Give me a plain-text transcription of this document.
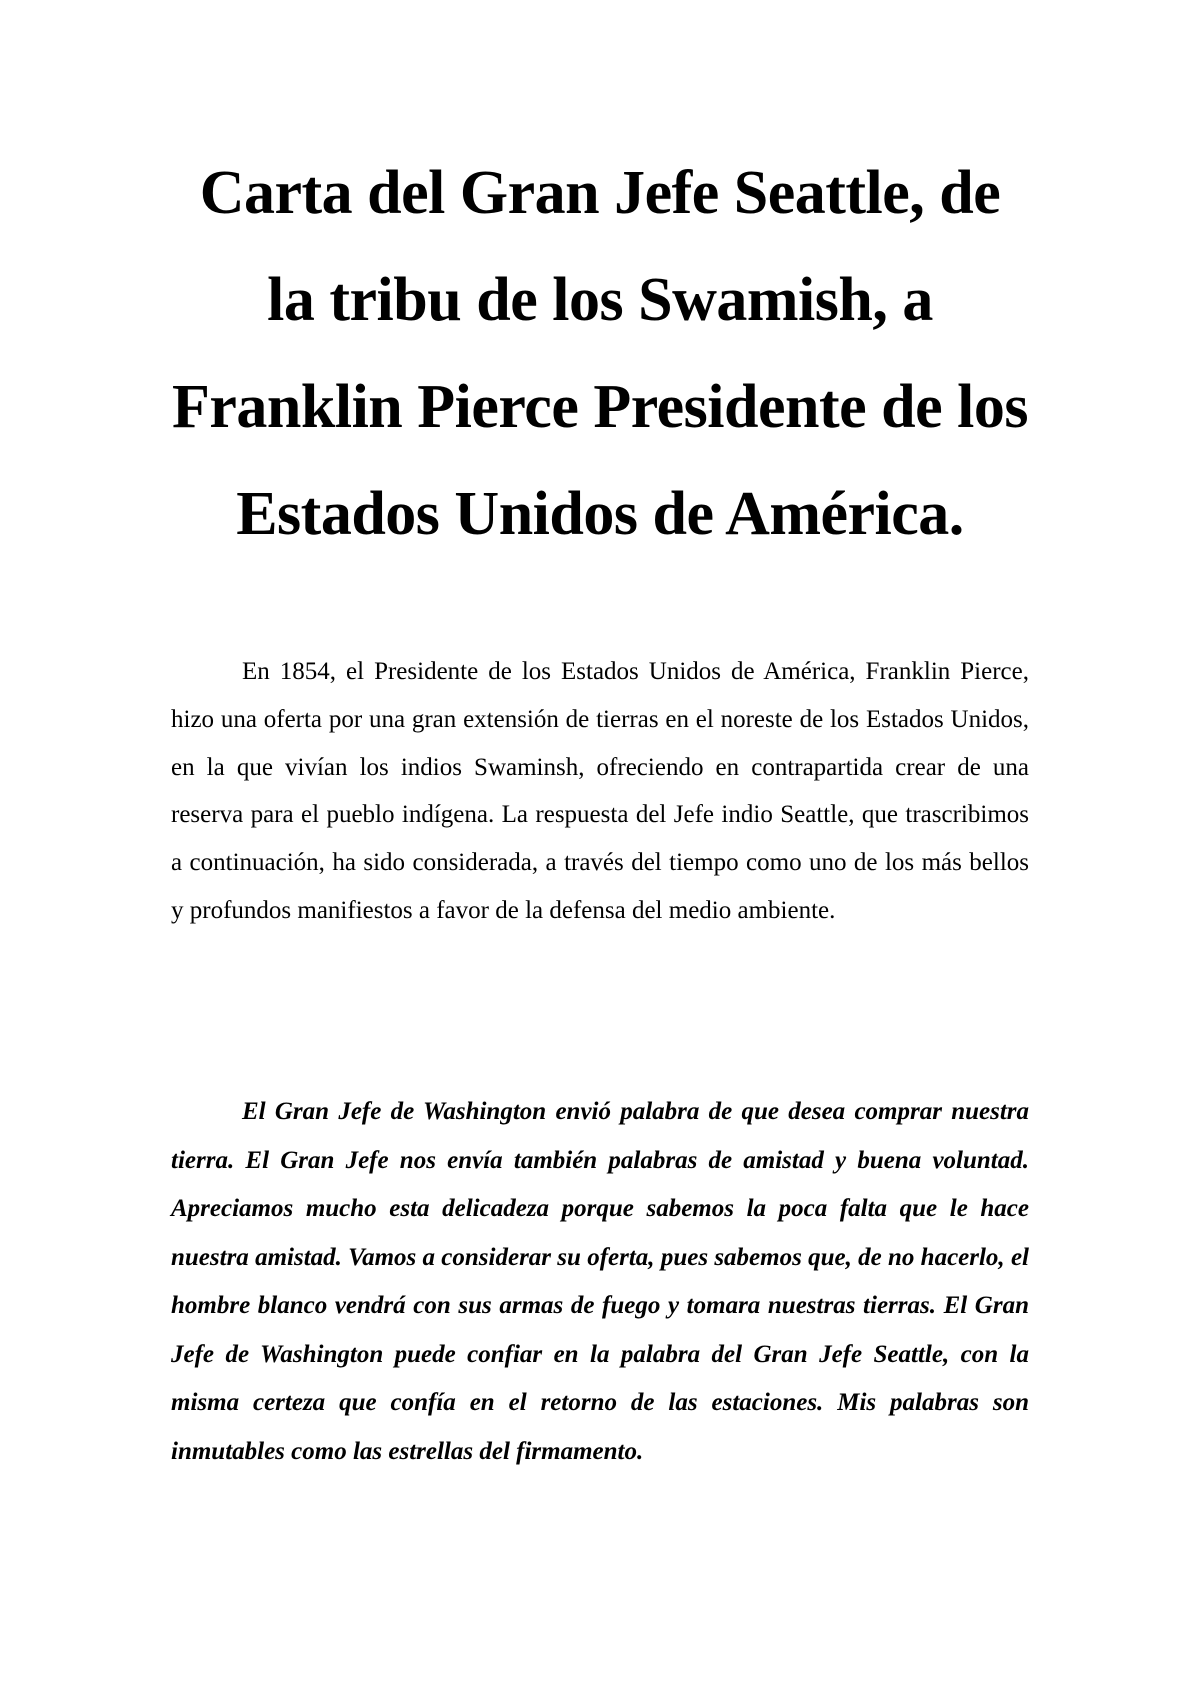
Carta del Gran Jefe Seattle, de
la tribu de los Swamish, a
Franklin Pierce Presidente de los
Estados Unidos de América.

En 1854, el Presidente de los Estados Unidos de América, Franklin Pierce, hizo una oferta por una gran extensión de tierras en el noreste de los Estados Unidos, en la que vivían los indios Swaminsh, ofreciendo en contrapartida crear de una reserva para el pueblo indígena. La respuesta del Jefe indio Seattle, que trascribimos a continuación, ha sido considerada, a través del tiempo como uno de los más bellos y profundos manifiestos a favor de la defensa del medio ambiente.

El Gran Jefe de Washington envió palabra de que desea comprar nuestra tierra. El Gran Jefe nos envía también palabras de amistad y buena voluntad. Apreciamos mucho esta delicadeza porque sabemos la poca falta que le hace nuestra amistad. Vamos a considerar su oferta, pues sabemos que, de no hacerlo, el hombre blanco vendrá con sus armas de fuego y tomara nuestras tierras. El Gran Jefe de Washington puede confiar en la palabra del Gran Jefe Seattle, con la misma certeza que confía en el retorno de las estaciones. Mis palabras son inmutables como las estrellas del firmamento.
